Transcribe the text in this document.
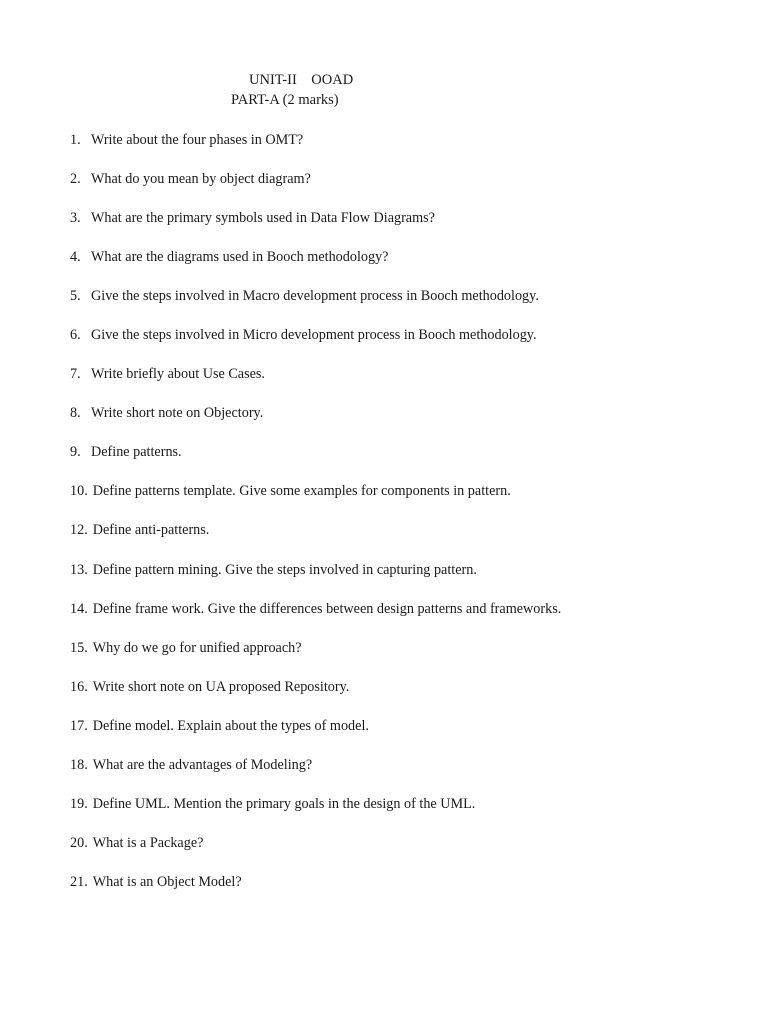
UNIT-II    OOAD
PART-A (2 marks)
1. Write about the four phases in OMT?
2. What do you mean by object diagram?
3. What are the primary symbols used in Data Flow Diagrams?
4. What are the diagrams used in Booch methodology?
5. Give the steps involved in Macro development process in Booch methodology.
6. Give the steps involved in Micro development process in Booch methodology.
7. Write briefly about Use Cases.
8. Write short note on Objectory.
9. Define patterns.
10. Define patterns template. Give some examples for components in pattern.
12. Define anti-patterns.
13. Define pattern mining. Give the steps involved in capturing pattern.
14. Define frame work. Give the differences between design patterns and frameworks.
15. Why do we go for unified approach?
16. Write short note on UA proposed Repository.
17. Define model. Explain about the types of model.
18. What are the advantages of Modeling?
19. Define UML. Mention the primary goals in the design of the UML.
20. What is a Package?
21. What is an Object Model?
